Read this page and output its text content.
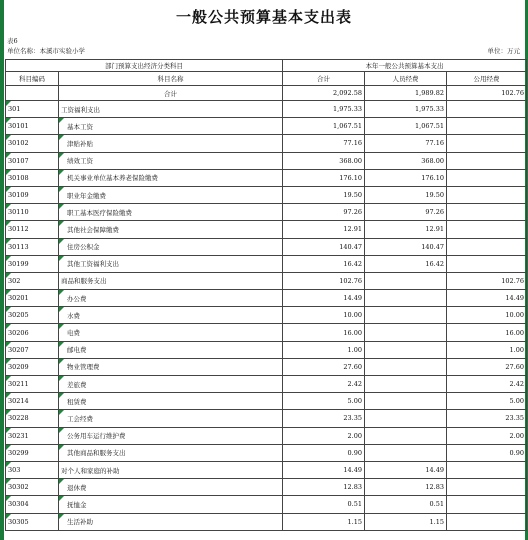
一般公共预算基本支出表
表6
单位名称：本溪市实验小学	单位：万元
部门预算支出经济分类科目		本年一般公共预算基本支出		
科目编码	科目名称	合计	人员经费	公用经费
	合计	2,092.58	1,989.82	102.76

301	工资福利支出	1,975.33	1,975.33	

30101	基本工资	1,067.51	1,067.51	

30102	津贴补贴	77.16	77.16	

30107	绩效工资	368.00	368.00	

30108	机关事业单位基本养老保险缴费	176.10	176.10	

30109	职业年金缴费	19.50	19.50	

30110	职工基本医疗保险缴费	97.26	97.26	

30112	其他社会保障缴费	12.91	12.91	

30113	住房公积金	140.47	140.47	

30199	其他工资福利支出	16.42	16.42	

302	商品和服务支出	102.76		102.76

30201	办公费	14.49		14.49

30205	水费	10.00		10.00

30206	电费	16.00		16.00

30207	邮电费	1.00		1.00

30209	物业管理费	27.60		27.60

30211	差旅费	2.42		2.42

30214	租赁费	5.00		5.00

30228	工会经费	23.35		23.35

30231	公务用车运行维护费	2.00		2.00

30299	其他商品和服务支出	0.90		0.90

303	对个人和家庭的补助	14.49	14.49	

30302	退休费	12.83	12.83	

30304	抚恤金	0.51	0.51	

30305	生活补助	1.15	1.15	
